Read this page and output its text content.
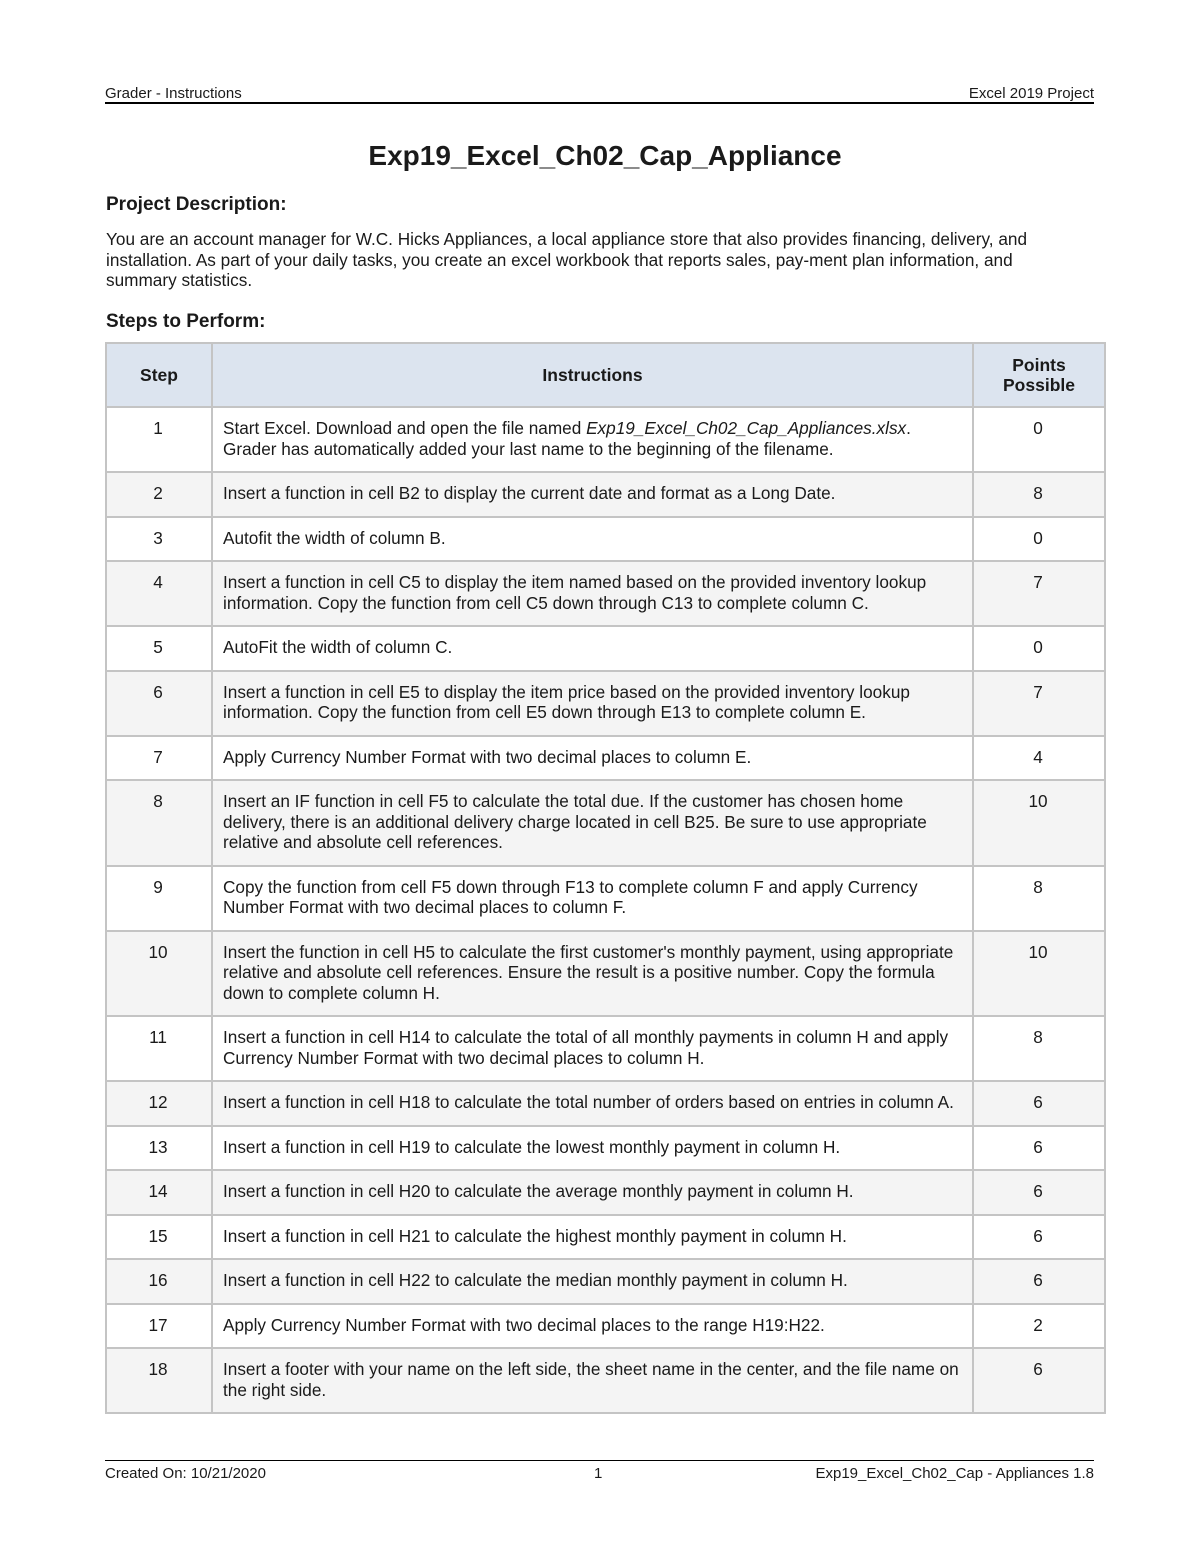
Grader - Instructions	Excel 2019 Project
Exp19_Excel_Ch02_Cap_Appliance
Project Description:

You are an account manager for W.C. Hicks Appliances, a local appliance store that also provides financing, delivery, and installation. As part of your daily tasks, you create an excel workbook that reports sales, pay-ment plan information, and summary statistics.

Steps to Perform:
Step	Instructions	Points
Possible
1	Start Excel. Download and open the file named Exp19_Excel_Ch02_Cap_Appliances.xlsx. Grader has automatically added your last name to the beginning of the filename.	0
2	Insert a function in cell B2 to display the current date and format as a Long Date.	8
3	Autofit the width of column B.	0
4	Insert a function in cell C5 to display the item named based on the provided inventory lookup information. Copy the function from cell C5 down through C13 to complete column C.	7
5	AutoFit the width of column C.	0
6	Insert a function in cell E5 to display the item price based on the provided inventory lookup information. Copy the function from cell E5 down through E13 to complete column E.	7
7	Apply Currency Number Format with two decimal places to column E.	4
8	Insert an IF function in cell F5 to calculate the total due. If the customer has chosen home delivery, there is an additional delivery charge located in cell B25. Be sure to use appropriate relative and absolute cell references.	10
9	Copy the function from cell F5 down through F13 to complete column F and apply Currency Number Format with two decimal places to column F.	8
10	Insert the function in cell H5 to calculate the first customer's monthly payment, using appropriate relative and absolute cell references. Ensure the result is a positive number. Copy the formula down to complete column H.	10
11	Insert a function in cell H14 to calculate the total of all monthly payments in column H and apply Currency Number Format with two decimal places to column H.	8
12	Insert a function in cell H18 to calculate the total number of orders based on entries in column A.	6
13	Insert a function in cell H19 to calculate the lowest monthly payment in column H.	6
14	Insert a function in cell H20 to calculate the average monthly payment in column H.	6
15	Insert a function in cell H21 to calculate the highest monthly payment in column H.	6
16	Insert a function in cell H22 to calculate the median monthly payment in column H.	6
17	Apply Currency Number Format with two decimal places to the range H19:H22.	2
18	Insert a footer with your name on the left side, the sheet name in the center, and the file name on the right side.	6
Created On: 10/21/2020	1	Exp19_Excel_Ch02_Cap - Appliances 1.8
